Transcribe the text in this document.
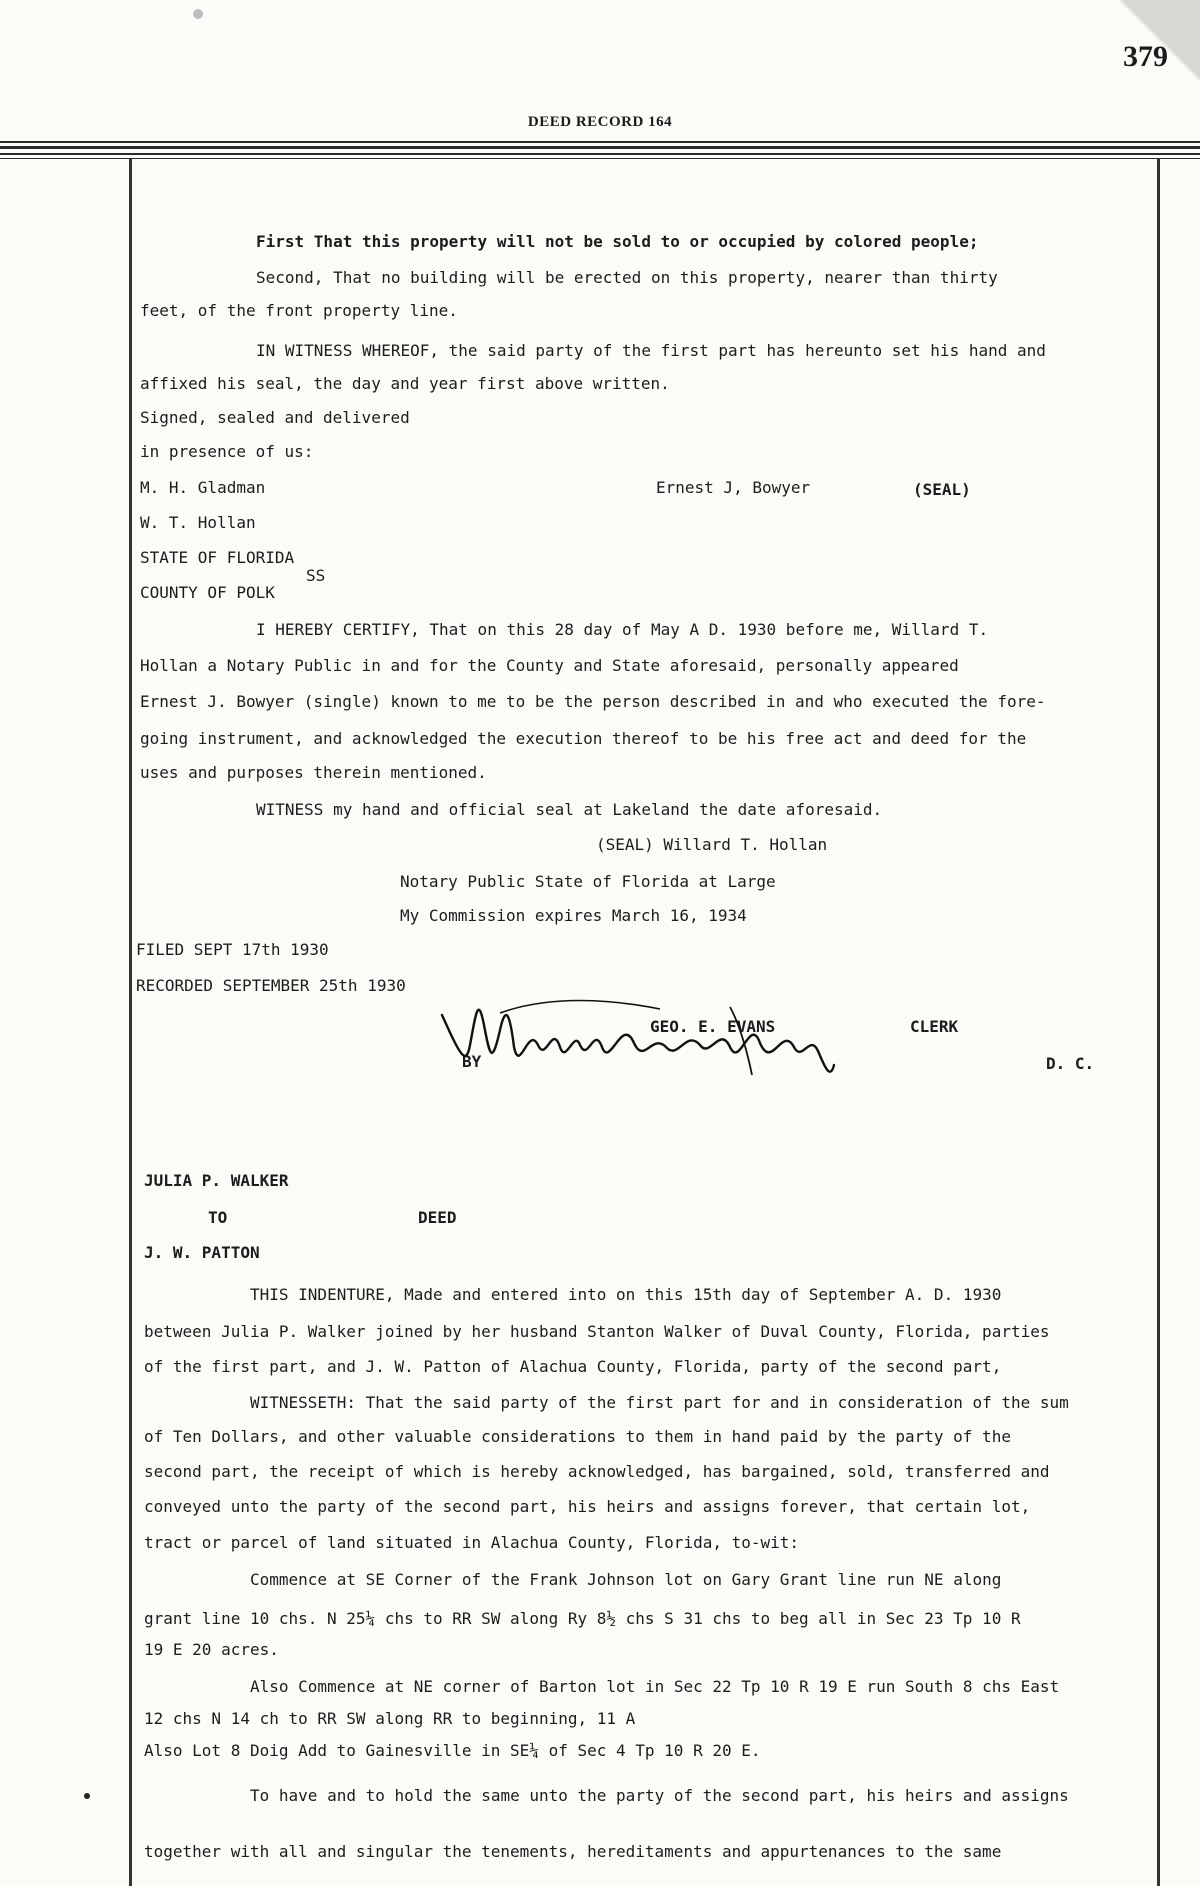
379
DEED RECORD 164
First That this property will not be sold to or occupied by colored people;
Second, That no building will be erected on this property, nearer than thirty
feet, of the front property line.
IN WITNESS WHEREOF, the said party of the first part has hereunto set his hand and
affixed his seal, the day and year first above written.
Signed, sealed and delivered
in presence of us:
M. H. Gladman	Ernest J, Bowyer	(SEAL)
W. T. Hollan
STATE OF FLORIDA
SS
COUNTY OF POLK
I HEREBY CERTIFY, That on this 28 day of May A D. 1930 before me, Willard T.
Hollan a Notary Public in and for the County and State aforesaid, personally appeared
Ernest J. Bowyer (single) known to me to be the person described in and who executed the fore-
going instrument, and acknowledged the execution thereof to be his free act and deed for the
uses and purposes therein mentioned.
WITNESS my hand and official seal at Lakeland the date aforesaid.
(SEAL) Willard T. Hollan
Notary Public State of Florida at Large
My Commission expires March 16, 1934
FILED SEPT 17th 1930
RECORDED SEPTEMBER 25th 1930
GEO. E. EVANS	CLERK
BY	D. C.
JULIA P. WALKER
TO	DEED
J. W. PATTON
THIS INDENTURE, Made and entered into on this 15th day of September A. D. 1930
between Julia P. Walker joined by her husband Stanton Walker of Duval County, Florida, parties
of the first part, and J. W. Patton of Alachua County, Florida, party of the second part,
WITNESSETH: That the said party of the first part for and in consideration of the sum
of Ten Dollars, and other valuable considerations to them in hand paid by the party of the
second part, the receipt of which is hereby acknowledged, has bargained, sold, transferred and
conveyed unto the party of the second part, his heirs and assigns forever, that certain lot,
tract or parcel of land situated in Alachua County, Florida, to-wit:
Commence at SE Corner of the Frank Johnson lot on Gary Grant line run NE along
grant line 10 chs. N 25¼ chs to RR SW along Ry 8½ chs S 31 chs to beg all in Sec 23 Tp 10 R
19 E 20 acres.
Also Commence at NE corner of Barton lot in Sec 22 Tp 10 R 19 E run South 8 chs East
12 chs N 14 ch to RR SW along RR to beginning, 11 A
Also Lot 8 Doig Add to Gainesville in SE¼ of Sec 4 Tp 10 R 20 E.
To have and to hold the same unto the party of the second part, his heirs and assigns
together with all and singular the tenements, hereditaments and appurtenances to the same
